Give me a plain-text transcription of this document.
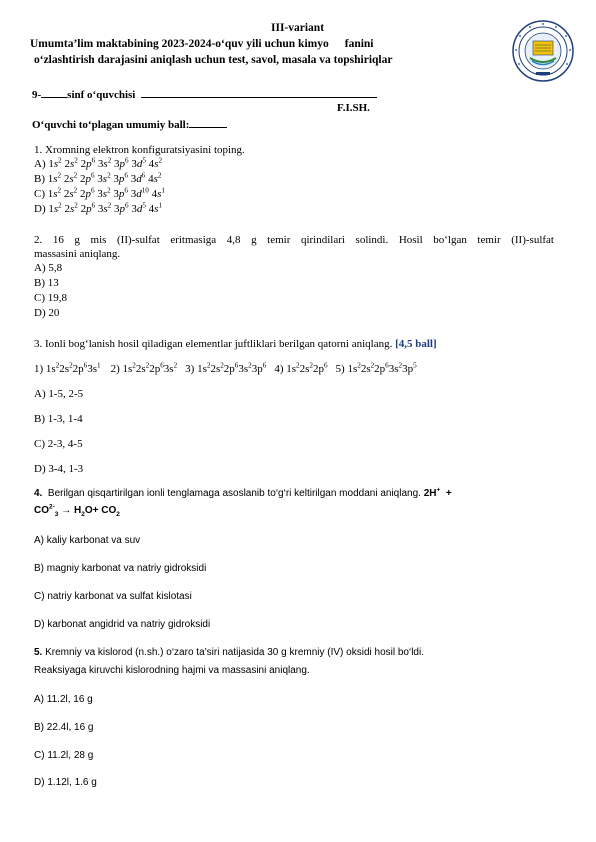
III-variant
Umumta’lim maktabining 2023-2024-o‘quv yili uchun kimyo fanini
o‘zlashtirish darajasini aniqlash uchun test, savol, masala va topshiriqlar
9- sinf o‘quvchisi
F.I.SH.
O‘quvchi to‘plagan umumiy ball:
1. Xromning elektron konfiguratsiyasini toping.
A) $1s^2$ $2s^2$ $2p^6$ $3s^2$ $3p^6$ $3d^5$ $4s^2$
B) $1s^2$ $2s^2$ $2p^6$ $3s^2$ $3p^6$ $3d^6$ $4s^2$
C) $1s^2$ $2s^2$ $2p^6$ $3s^2$ $3p^6$ $3d^{10}$ $4s^1$
D) $1s^2$ $2s^2$ $2p^6$ $3s^2$ $3p^6$ $3d^5$ $4s^1$
2. 16 g mis (II)-sulfat eritmasiga 4,8 g temir qirindilari solindi. Hosil bo‘lgan temir (II)-sulfat
massasini aniqlang.
A) 5,8
B) 13
C) 19,8
D) 20
3. Ionli bog‘lanish hosil qiladigan elementlar juftliklari berilgan qatorni aniqlang. [4,5 ball]
1) $1s^22s^22p^63s^1$ 2) $1s^22s^22p^63s^2$ 3) $1s^22s^22p^63s^23p^6$ 4) $1s^22s^22p^6$ 5) $1s^22s^22p^63s^23p^5$
A) 1-5, 2-5
B) 1-3, 1-4
C) 2-3, 4-5
D) 3-4, 1-3
4. Berilgan qisqartirilgan ionli tenglamaga asoslanib to‘g‘ri keltirilgan moddani aniqlang. 2H+ +
$CO^{2-}_3 \to H_2O+ CO_2$
A) kaliy karbonat va suv
B) magniy karbonat va natriy gidroksidi
C) natriy karbonat va sulfat kislotasi
D) karbonat angidrid va natriy gidroksidi
5. Kremniy va kislorod (n.sh.) o‘zaro ta’siri natijasida 30 g kremniy (IV) oksidi hosil bo‘ldi.
Reaksiyaga kiruvchi kislorodning hajmi va massasini aniqlang.
A) 11.2l, 16 g
B) 22.4l, 16 g
C) 11.2l, 28 g
D) 1.12l, 1.6 g
